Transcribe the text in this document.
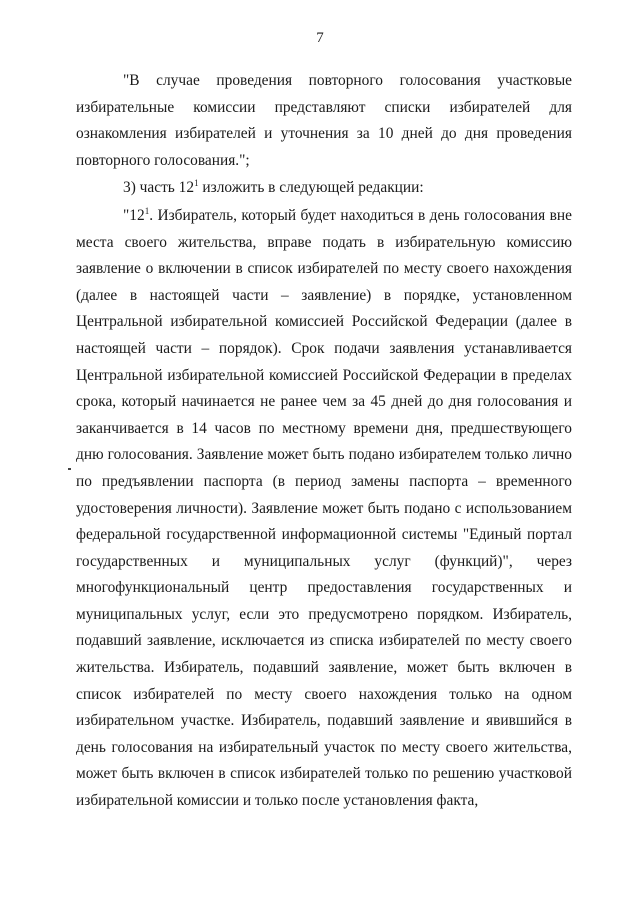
7

"В случае проведения повторного голосования участковые избирательные комиссии представляют списки избирателей для ознакомления избирателей и уточнения за 10 дней до дня проведения повторного голосования.";

3) часть $12^1$ изложить в следующей редакции:

"$12^1$. Избиратель, который будет находиться в день голосования вне места своего жительства, вправе подать в избирательную комиссию заявление о включении в список избирателей по месту своего нахождения (далее в настоящей части – заявление) в порядке, установленном Центральной избирательной комиссией Российской Федерации (далее в настоящей части – порядок). Срок подачи заявления устанавливается Центральной избирательной комиссией Российской Федерации в пределах срока, который начинается не ранее чем за 45 дней до дня голосования и заканчивается в 14 часов по местному времени дня, предшествующего дню голосования. Заявление может быть подано избирателем только лично по предъявлении паспорта (в период замены паспорта – временного удостоверения личности). Заявление может быть подано с использованием федеральной государственной информационной системы "Единый портал государственных и муниципальных услуг (функций)", через многофункциональный центр предоставления государственных и муниципальных услуг, если это предусмотрено порядком. Избиратель, подавший заявление, исключается из списка избирателей по месту своего жительства. Избиратель, подавший заявление, может быть включен в список избирателей по месту своего нахождения только на одном избирательном участке. Избиратель, подавший заявление и явившийся в день голосования на избирательный участок по месту своего жительства, может быть включен в список избирателей только по решению участковой избирательной комиссии и только после установления факта,
